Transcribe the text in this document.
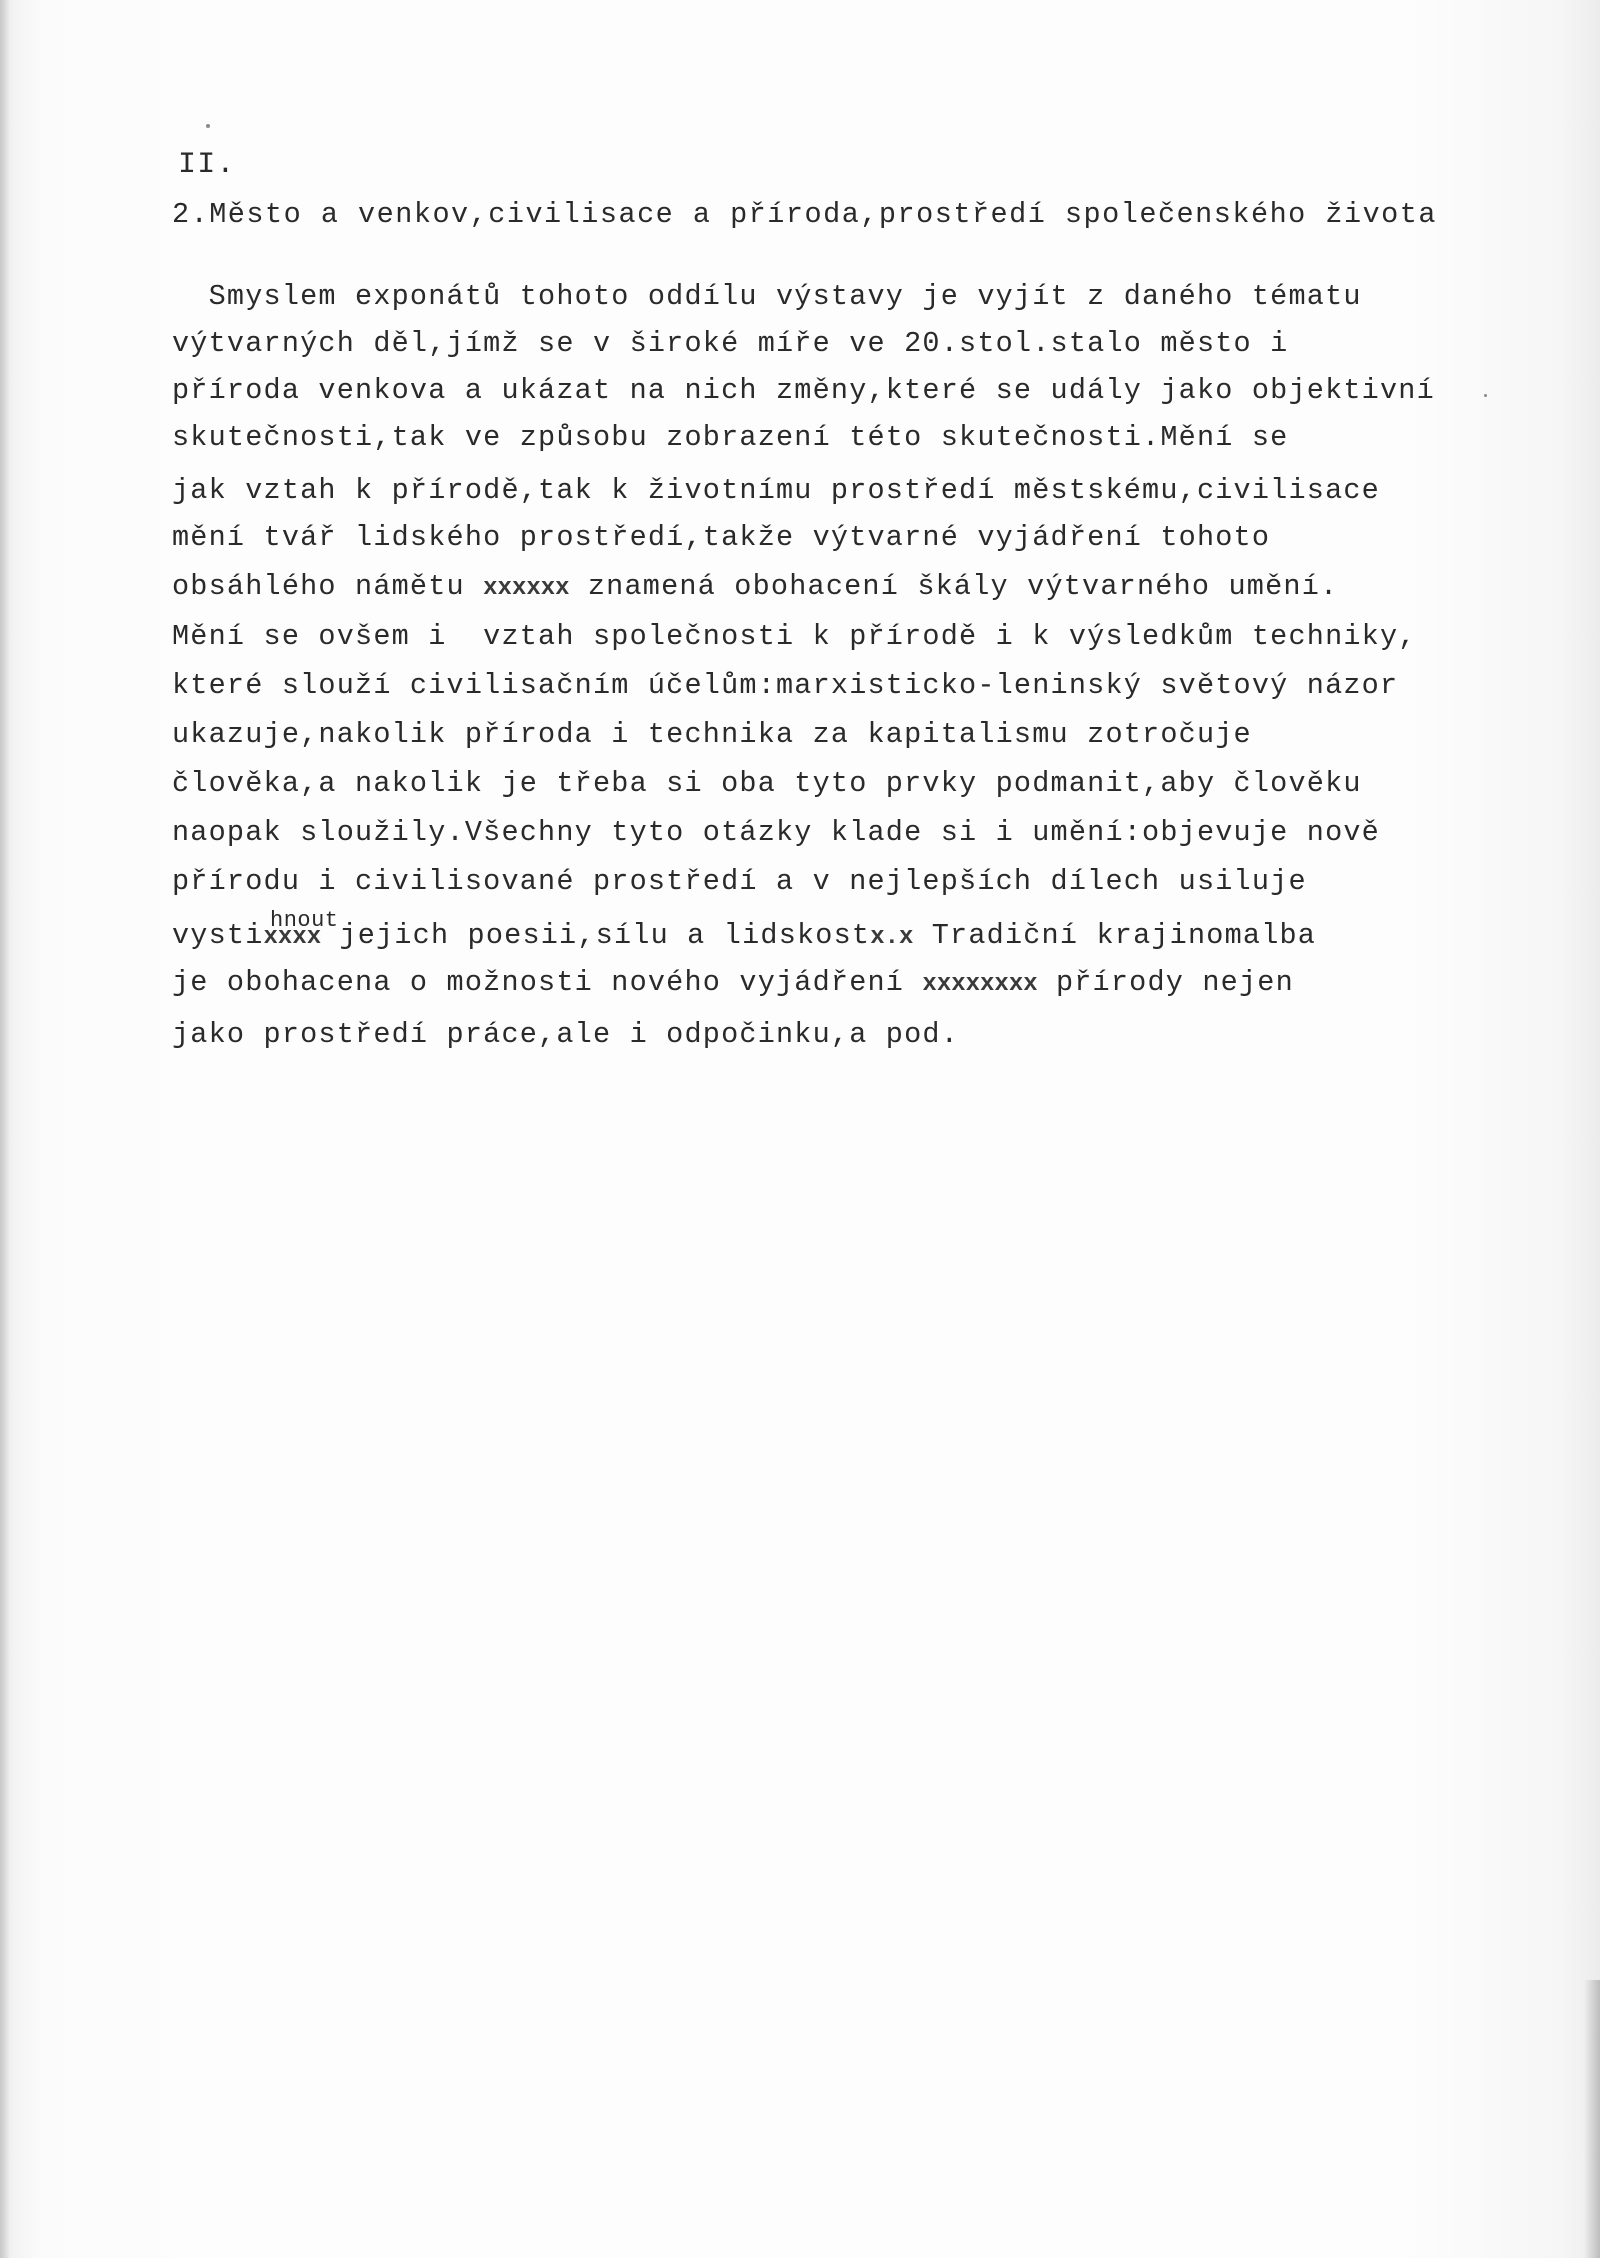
II.
2.Město a venkov,civilisace a příroda,prostředí společenského života
Smyslem exponátů tohoto oddílu výstavy je vyjít z daného tématu
výtvarných děl,jímž se v široké míře ve 20.stol.stalo město i
příroda venkova a ukázat na nich změny,které se udály jako objektivní
skutečnosti,tak ve způsobu zobrazení této skutečnosti.Mění se
jak vztah k přírodě,tak k životnímu prostředí městskému,civilisace
mění tvář lidského prostředí,takže výtvarné vyjádření tohoto
obsáhlého námětu xxxxxx znamená obohacení škály výtvarného umění.
Mění se ovšem i  vztah společnosti k přírodě i k výsledkům techniky,
které slouží civilisačním účelům:marxisticko-leninský světový názor
ukazuje,nakolik příroda i technika za kapitalismu zotročuje
člověka,a nakolik je třeba si oba tyto prvky podmanit,aby člověku
naopak sloužily.Všechny tyto otázky klade si i umění:objevuje nově
přírodu i civilisované prostředí a v nejlepších dílech usiluje
hnout
vystixxxx jejich poesii,sílu a lidskostx.x Tradiční krajinomalba
je obohacena o možnosti nového vyjádření xxxxxxxx přírody nejen
jako prostředí práce,ale i odpočinku,a pod.
